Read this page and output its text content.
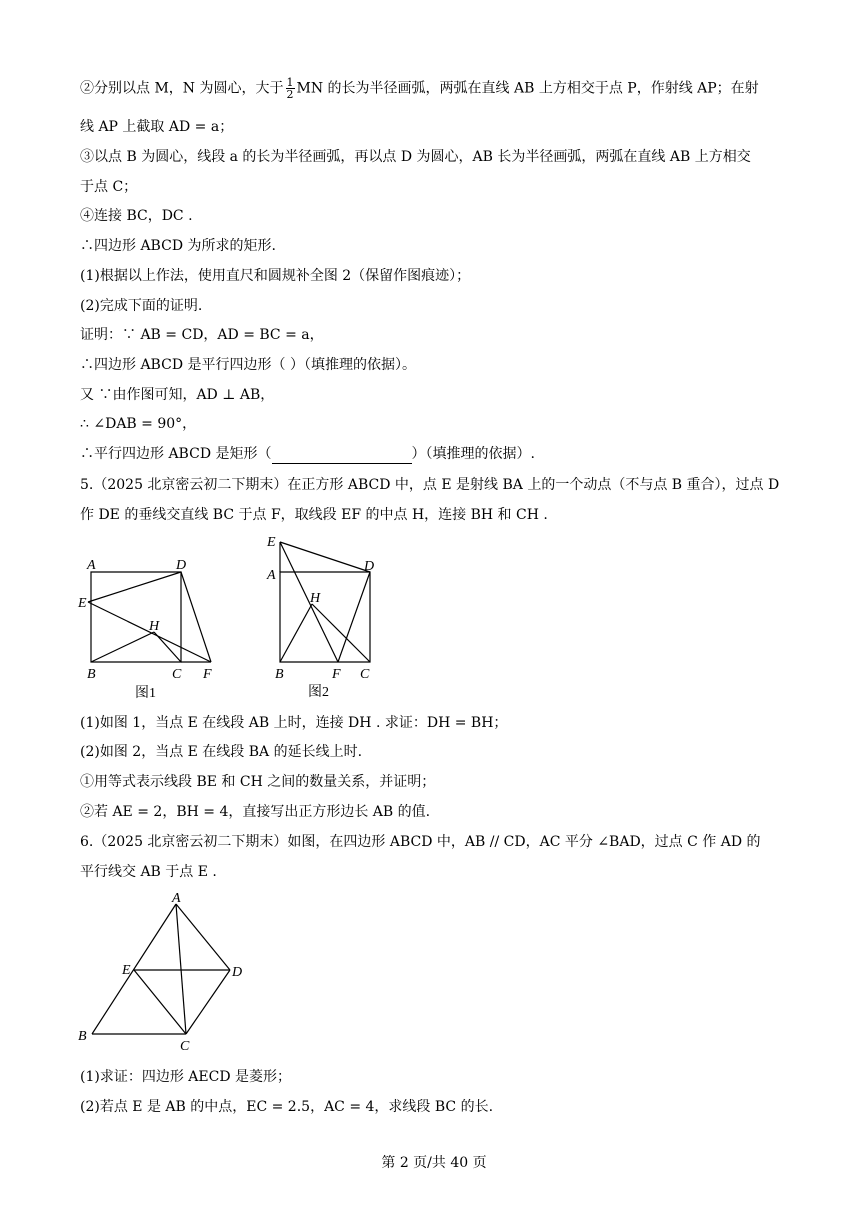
②分别以点 M，N 为圆心，大于 $\frac{1}{2}$ MN 的长为半径画弧，两弧在直线 AB 上方相交于点 P，作射线 AP；在射
线 AP 上截取 AD = a；
③以点 B 为圆心，线段 a 的长为半径画弧，再以点 D 为圆心，AB 长为半径画弧，两弧在直线 AB 上方相交
于点 C；
④连接 BC，DC .
∴四边形 ABCD 为所求的矩形.
(1)根据以上作法，使用直尺和圆规补全图 2（保留作图痕迹）；
(2)完成下面的证明.
证明：∵ AB = CD，AD = BC = a，
∴四边形 ABCD 是平行四边形（ ）（填推理的依据）。
又 ∵由作图可知，AD ⊥ AB，
∴ ∠DAB = 90°，
∴平行四边形 ABCD 是矩形（	）（填推理的依据）.
5.（2025 北京密云初二下期末）在正方形 ABCD 中，点 E 是射线 BA 上的一个动点（不与点 B 重合），过点 D
作 DE 的垂线交直线 BC 于点 F，取线段 EF 的中点 H，连接 BH 和 CH .
A	D
E
H
B	C F
图1
E
A
D
H
B	F C
图2
(1)如图 1，当点 E 在线段 AB 上时，连接 DH . 求证：DH = BH；
(2)如图 2，当点 E 在线段 BA 的延长线上时.
①用等式表示线段 BE 和 CH 之间的数量关系，并证明；
②若 AE = 2，BH = 4，直接写出正方形边长 AB 的值.
6.（2025 北京密云初二下期末）如图，在四边形 ABCD 中，AB // CD，AC 平分 ∠BAD，过点 C 作 AD 的
平行线交 AB 于点 E .
A
E	D
B
C
(1)求证：四边形 AECD 是菱形；
(2)若点 E 是 AB 的中点，EC = 2.5，AC = 4，求线段 BC 的长.
第 2 页/共 40 页
